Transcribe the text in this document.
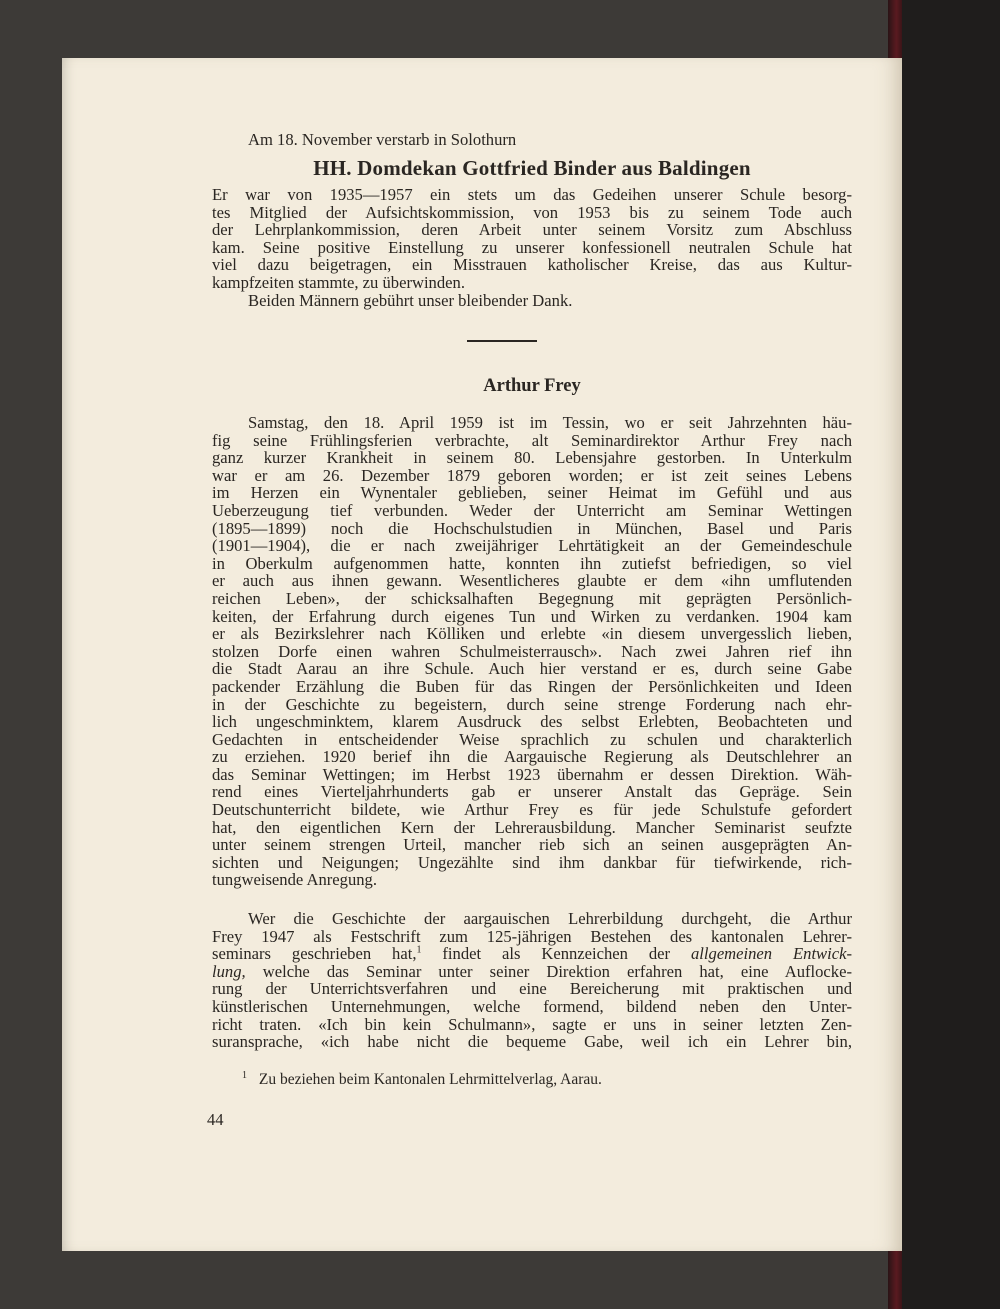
Am 18. November verstarb in Solothurn
HH. Domdekan Gottfried Binder aus Baldingen
Er war von 1935—1957 ein stets um das Gedeihen unserer Schule besorg-
tes Mitglied der Aufsichtskommission, von 1953 bis zu seinem Tode auch
der Lehrplankommission, deren Arbeit unter seinem Vorsitz zum Abschluss
kam. Seine positive Einstellung zu unserer konfessionell neutralen Schule hat
viel dazu beigetragen, ein Misstrauen katholischer Kreise, das aus Kultur-
kampfzeiten stammte, zu überwinden.
Beiden Männern gebührt unser bleibender Dank.
Arthur Frey
Samstag, den 18. April 1959 ist im Tessin, wo er seit Jahrzehnten häu-
fig seine Frühlingsferien verbrachte, alt Seminardirektor Arthur Frey nach
ganz kurzer Krankheit in seinem 80. Lebensjahre gestorben. In Unterkulm
war er am 26. Dezember 1879 geboren worden; er ist zeit seines Lebens
im Herzen ein Wynentaler geblieben, seiner Heimat im Gefühl und aus
Ueberzeugung tief verbunden. Weder der Unterricht am Seminar Wettingen
(1895—1899) noch die Hochschulstudien in München, Basel und Paris
(1901—1904), die er nach zweijähriger Lehrtätigkeit an der Gemeindeschule
in Oberkulm aufgenommen hatte, konnten ihn zutiefst befriedigen, so viel
er auch aus ihnen gewann. Wesentlicheres glaubte er dem «ihn umflutenden
reichen Leben», der schicksalhaften Begegnung mit geprägten Persönlich-
keiten, der Erfahrung durch eigenes Tun und Wirken zu verdanken. 1904 kam
er als Bezirkslehrer nach Kölliken und erlebte «in diesem unvergesslich lieben,
stolzen Dorfe einen wahren Schulmeisterrausch». Nach zwei Jahren rief ihn
die Stadt Aarau an ihre Schule. Auch hier verstand er es, durch seine Gabe
packender Erzählung die Buben für das Ringen der Persönlichkeiten und Ideen
in der Geschichte zu begeistern, durch seine strenge Forderung nach ehr-
lich ungeschminktem, klarem Ausdruck des selbst Erlebten, Beobachteten und
Gedachten in entscheidender Weise sprachlich zu schulen und charakterlich
zu erziehen. 1920 berief ihn die Aargauische Regierung als Deutschlehrer an
das Seminar Wettingen; im Herbst 1923 übernahm er dessen Direktion. Wäh-
rend eines Vierteljahrhunderts gab er unserer Anstalt das Gepräge. Sein
Deutschunterricht bildete, wie Arthur Frey es für jede Schulstufe gefordert
hat, den eigentlichen Kern der Lehrerausbildung. Mancher Seminarist seufzte
unter seinem strengen Urteil, mancher rieb sich an seinen ausgeprägten An-
sichten und Neigungen; Ungezählte sind ihm dankbar für tiefwirkende, rich-
tungweisende Anregung.
Wer die Geschichte der aargauischen Lehrerbildung durchgeht, die Arthur
Frey 1947 als Festschrift zum 125-jährigen Bestehen des kantonalen Lehrer-
seminars geschrieben hat,$^1$ findet als Kennzeichen der allgemeinen Entwick-
lung, welche das Seminar unter seiner Direktion erfahren hat, eine Auflocke-
rung der Unterrichtsverfahren und eine Bereicherung mit praktischen und
künstlerischen Unternehmungen, welche formend, bildend neben den Unter-
richt traten. «Ich bin kein Schulmann», sagte er uns in seiner letzten Zen-
suransprache, «ich habe nicht die bequeme Gabe, weil ich ein Lehrer bin,
$^1$ Zu beziehen beim Kantonalen Lehrmittelverlag, Aarau.
44
